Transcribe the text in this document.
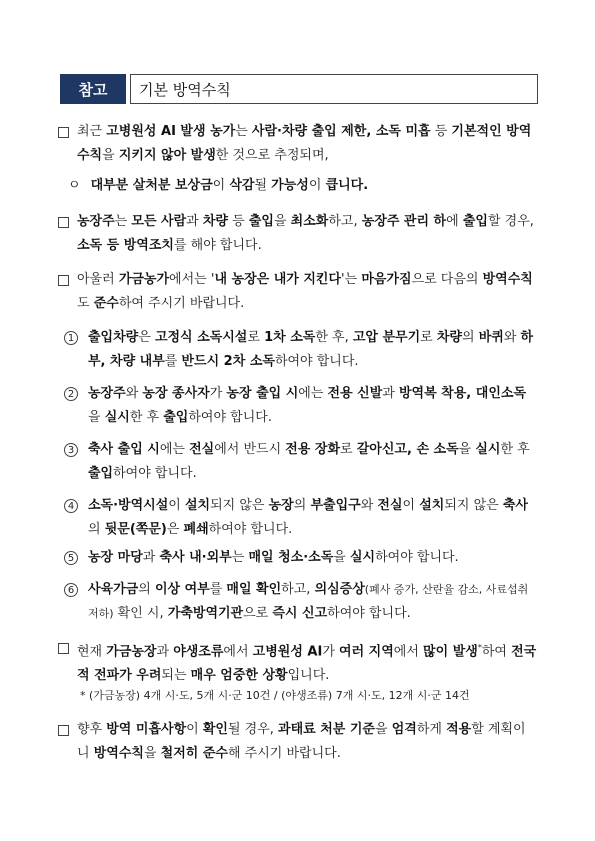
참고	기본 방역수칙
최근 고병원성 AI 발생 농가는 사람·차량 출입 제한, 소독 미흡 등 기본적인 방역수칙을 지키지 않아 발생한 것으로 추정되며,
ㅇ 대부분 살처분 보상금이 삭감될 가능성이 큽니다.
농장주는 모든 사람과 차량 등 출입을 최소화하고, 농장주 관리 하에 출입할 경우, 소독 등 방역조치를 해야 합니다.
아울러 가금농가에서는 '내 농장은 내가 지킨다'는 마음가짐으로 다음의 방역수칙도 준수하여 주시기 바랍니다.
1	출입차량은 고정식 소독시설로 1차 소독한 후, 고압 분무기로 차량의 바퀴와 하부, 차량 내부를 반드시 2차 소독하여야 합니다.
2	농장주와 농장 종사자가 농장 출입 시에는 전용 신발과 방역복 착용, 대인소독을 실시한 후 출입하여야 합니다.
3	축사 출입 시에는 전실에서 반드시 전용 장화로 갈아신고, 손 소독을 실시한 후 출입하여야 합니다.
4	소독·방역시설이 설치되지 않은 농장의 부출입구와 전실이 설치되지 않은 축사의 뒷문(쪽문)은 폐쇄하여야 합니다.
5	농장 마당과 축사 내·외부는 매일 청소·소독을 실시하여야 합니다.
6	사육가금의 이상 여부를 매일 확인하고, 의심증상(폐사 증가, 산란율 감소, 사료섭취 저하) 확인 시, 가축방역기관으로 즉시 신고하여야 합니다.
현재 가금농장과 야생조류에서 고병원성 AI가 여러 지역에서 많이 발생*하여 전국적 전파가 우려되는 매우 엄중한 상황입니다.
* (가금농장) 4개 시·도, 5개 시·군 10건 / (야생조류) 7개 시·도, 12개 시·군 14건
향후 방역 미흡사항이 확인될 경우, 과태료 처분 기준을 엄격하게 적용할 계획이니 방역수칙을 철저히 준수해 주시기 바랍니다.
